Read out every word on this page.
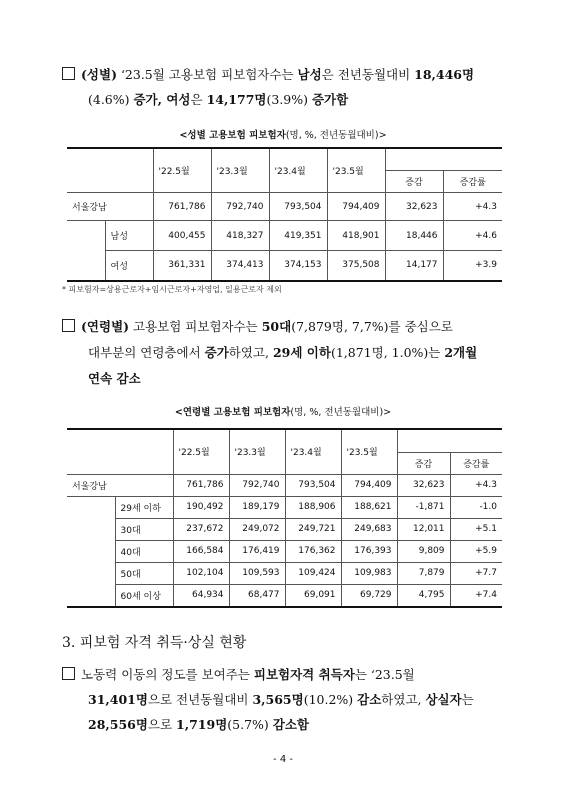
(성별) ‘23.5월 고용보험 피보험자수는 남성은 전년동월대비 18,446명
(4.6%) 증가, 여성은 14,177명(3.9%) 증가함
<성별 고용보험 피보험자(명, %, 전년동월대비)>
		'22.5월	'23.3월	'23.4월	'23.5월		
						증감	증감률
서울강남		761,786	792,740	793,504	794,409	32,623	+4.3
	남성	400,455	418,327	419,351	418,901	18,446	+4.6
	여성	361,331	374,413	374,153	375,508	14,177	+3.9
* 피보험자=상용근로자+임시근로자+자영업, 일용근로자 제외
(연령별) 고용보험 피보험자수는 50대(7,879명, 7,7%)를 중심으로
대부분의 연령층에서 증가하였고, 29세 이하(1,871명, 1.0%)는 2개월
연속 감소
<연령별 고용보험 피보험자(명, %, 전년동월대비)>
		'22.5월	'23.3월	'23.4월	'23.5월		
						증감	증감률
서울강남		761,786	792,740	793,504	794,409	32,623	+4.3
	29세 이하	190,492	189,179	188,906	188,621	-1,871	-1.0
	30대	237,672	249,072	249,721	249,683	12,011	+5.1
	40대	166,584	176,419	176,362	176,393	9,809	+5.9
	50대	102,104	109,593	109,424	109,983	7,879	+7.7
	60세 이상	64,934	68,477	69,091	69,729	4,795	+7.4
3. 피보험 자격 취득·상실 현황
노동력 이동의 정도를 보여주는 피보험자격 취득자는 ‘23.5월
31,401명으로 전년동월대비 3,565명(10.2%) 감소하였고, 상실자는
28,556명으로 1,719명(5.7%) 감소함
- 4 -
